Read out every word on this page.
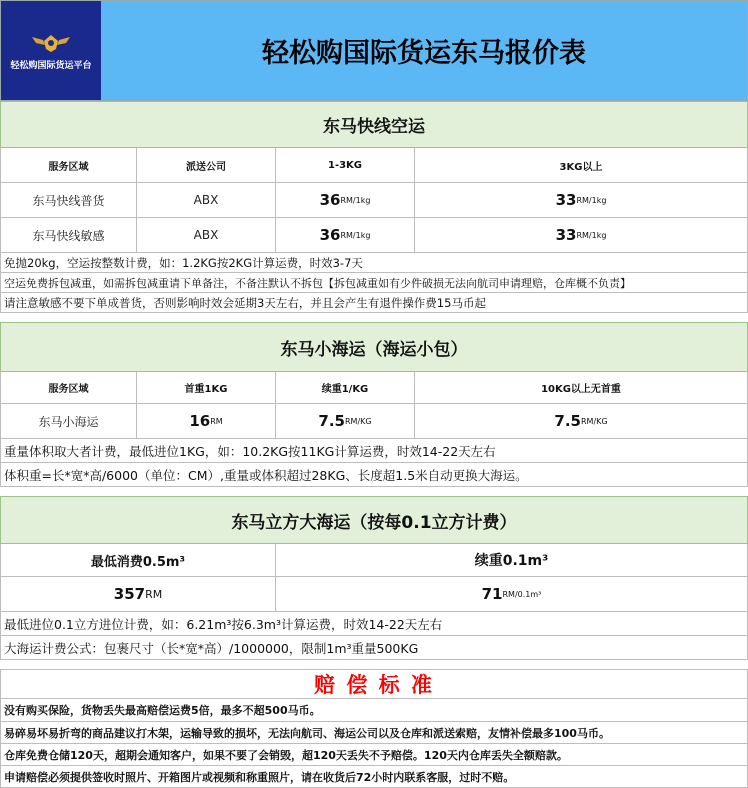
轻松购国际货运平台	轻松购国际货运东马报价表
东马快线空运
服务区域	派送公司	1-3KG	3KG以上
东马快线普货	ABX	36 RM/1kg	33 RM/1kg
东马快线敏感	ABX	36 RM/1kg	33 RM/1kg
免抛20kg，空运按整数计费，如：1.2KG按2KG计算运费，时效3-7天
空运免费拆包减重，如需拆包减重请下单备注，不备注默认不拆包【拆包减重如有少件破损无法向航司申请理赔，仓库概不负责】
请注意敏感不要下单成普货，否则影响时效会延期3天左右，并且会产生有退件操作费15马币起
东马小海运（海运小包）
服务区域	首重1KG	续重1/KG	10KG以上无首重
东马小海运	16 RM	7.5 RM/KG	7.5 RM/KG
重量体积取大者计费，最低进位1KG，如：10.2KG按11KG计算运费，时效14-22天左右
体积重=长*宽*高/6000（单位：CM）,重量或体积超过28KG、长度超1.5米自动更换大海运。
东马立方大海运（按每0.1立方计费）
最低消费0.5m³	续重0.1m³
357 RM	71 RM/0.1m³
最低进位0.1立方进位计费，如：6.21m³按6.3m³计算运费，时效14-22天左右
大海运计费公式：包裹尺寸（长*宽*高）/1000000，限制1m³重量500KG
赔 偿 标 准
没有购买保险，货物丢失最高赔偿运费5倍，最多不超500马币。
易碎易坏易折弯的商品建议打木架，运输导致的损坏，无法向航司、海运公司以及仓库和派送索赔，友情补偿最多100马币。
仓库免费仓储120天，超期会通知客户，如果不要了会销毁，超120天丢失不予赔偿。120天内仓库丢失全额赔款。
申请赔偿必须提供签收时照片、开箱图片或视频和称重照片，请在收货后72小时内联系客服，过时不赔。
